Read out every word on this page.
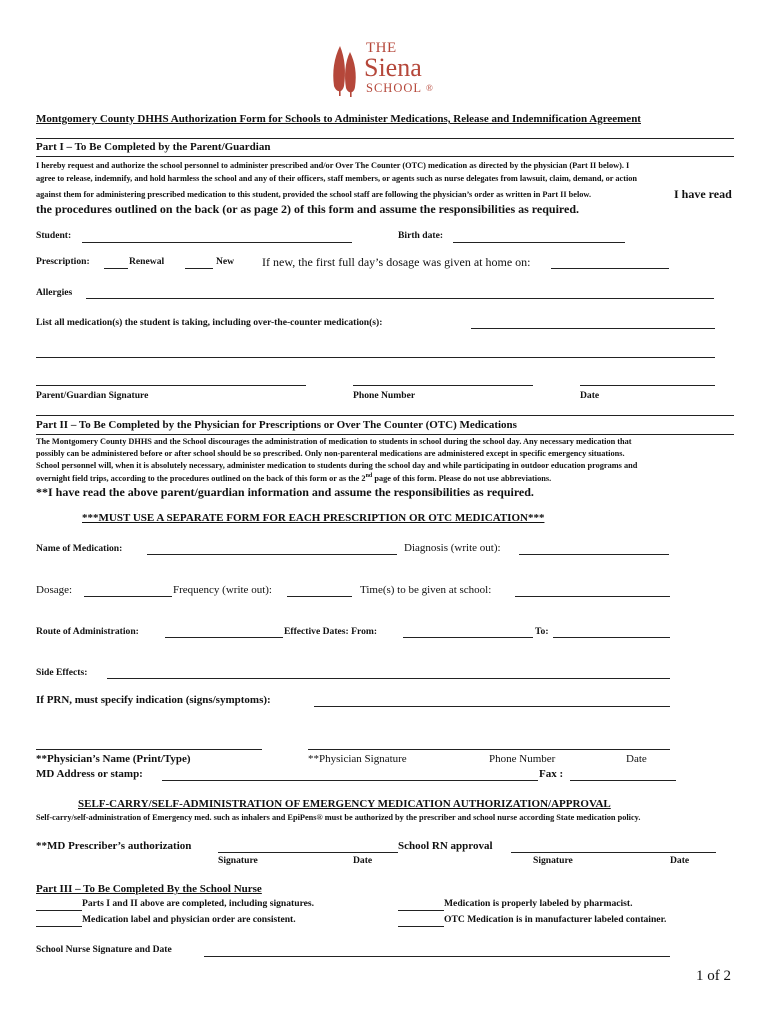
THE
Siena
SCHOOL ®
Montgomery County DHHS Authorization Form for Schools to Administer Medications, Release and Indemnification Agreement
Part I – To Be Completed by the Parent/Guardian
I hereby request and authorize the school personnel to administer prescribed and/or Over The Counter (OTC) medication as directed by the physician (Part II below). I
agree to release, indemnify, and hold harmless the school and any of their officers, staff members, or agents such as nurse delegates from lawsuit, claim, demand, or action
against them for administering prescribed medication to this student, provided the school staff are following the physician’s order as written in Part II below.	I have read
the procedures outlined on the back (or as page 2) of this form and assume the responsibilities as required.
Student:	Birth date:
Prescription:	Renewal	New If new, the first full day’s dosage was given at home on:
Allergies
List all medication(s) the student is taking, including over-the-counter medication(s):
Parent/Guardian Signature	Phone Number	Date
Part II – To Be Completed by the Physician for Prescriptions or Over The Counter (OTC) Medications
The Montgomery County DHHS and the School discourages the administration of medication to students in school during the school day. Any necessary medication that
possibly can be administered before or after school should be so prescribed. Only non-parenteral medications are administered except in specific emergency situations.
School personnel will, when it is absolutely necessary, administer medication to students during the school day and while participating in outdoor education programs and
overnight field trips, according to the procedures outlined on the back of this form or as the 2nd page of this form. Please do not use abbreviations.
**I have read the above parent/guardian information and assume the responsibilities as required.
***MUST USE A SEPARATE FORM FOR EACH PRESCRIPTION OR OTC MEDICATION***
Name of Medication:	Diagnosis (write out):
Dosage:	Frequency (write out):	Time(s) to be given at school:
Route of Administration:	Effective Dates: From:	To:
Side Effects:
If PRN, must specify indication (signs/symptoms):
**Physician’s Name (Print/Type)	**Physician Signature	Phone Number	Date
MD Address or stamp:	Fax :
SELF-CARRY/SELF-ADMINISTRATION OF EMERGENCY MEDICATION AUTHORIZATION/APPROVAL
Self-carry/self-administration of Emergency med. such as inhalers and EpiPens® must be authorized by the prescriber and school nurse according State medication policy.
**MD Prescriber’s authorization	School RN approval
Signature	Date	Signature	Date
Part III – To Be Completed By the School Nurse
Parts I and II above are completed, including signatures.
Medication label and physician order are consistent.
Medication is properly labeled by pharmacist.
OTC Medication is in manufacturer labeled container.
School Nurse Signature and Date
1 of 2
